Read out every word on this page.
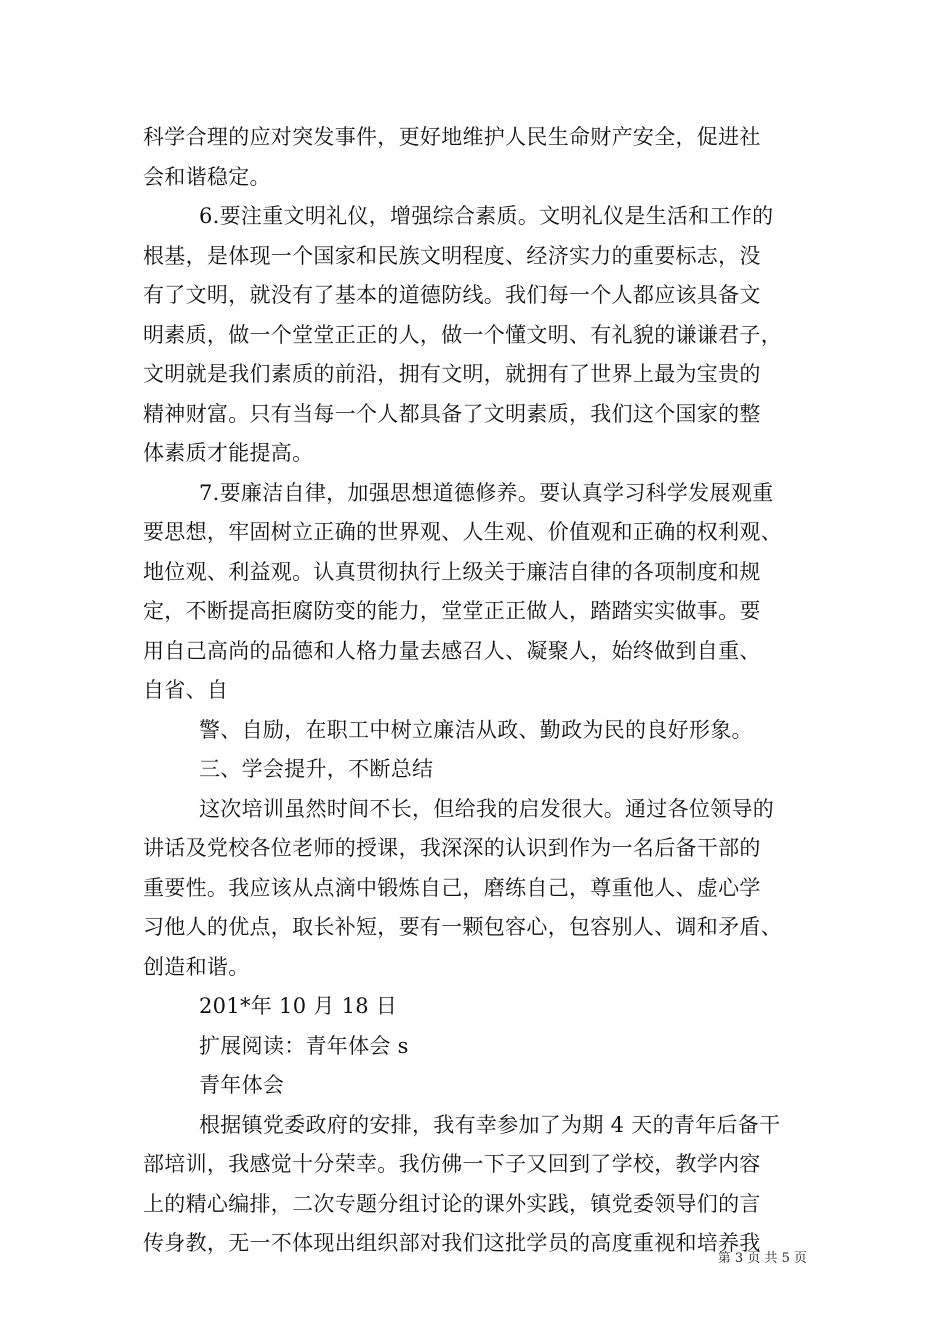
科学合理的应对突发事件，更好地维护人民生命财产安全，促进社
会和谐稳定。
6.要注重文明礼仪，增强综合素质。文明礼仪是生活和工作的
根基，是体现一个国家和民族文明程度、经济实力的重要标志，没
有了文明，就没有了基本的道德防线。我们每一个人都应该具备文
明素质，做一个堂堂正正的人，做一个懂文明、有礼貌的谦谦君子，
文明就是我们素质的前沿，拥有文明，就拥有了世界上最为宝贵的
精神财富。只有当每一个人都具备了文明素质，我们这个国家的整
体素质才能提高。
7.要廉洁自律，加强思想道德修养。要认真学习科学发展观重
要思想，牢固树立正确的世界观、人生观、价值观和正确的权利观、
地位观、利益观。认真贯彻执行上级关于廉洁自律的各项制度和规
定，不断提高拒腐防变的能力，堂堂正正做人，踏踏实实做事。要
用自己高尚的品德和人格力量去感召人、凝聚人，始终做到自重、
自省、自
警、自励，在职工中树立廉洁从政、勤政为民的良好形象。
三、学会提升，不断总结
这次培训虽然时间不长，但给我的启发很大。通过各位领导的
讲话及党校各位老师的授课，我深深的认识到作为一名后备干部的
重要性。我应该从点滴中锻炼自己，磨练自己，尊重他人、虚心学
习他人的优点，取长补短，要有一颗包容心，包容别人、调和矛盾、
创造和谐。
201*年 10 月 18 日
扩展阅读：青年体会 s
青年体会
根据镇党委政府的安排，我有幸参加了为期 4 天的青年后备干
部培训，我感觉十分荣幸。我仿佛一下子又回到了学校，教学内容
上的精心编排，二次专题分组讨论的课外实践，镇党委领导们的言
传身教，无一不体现出组织部对我们这批学员的高度重视和培养我
第 3 页 共 5 页
